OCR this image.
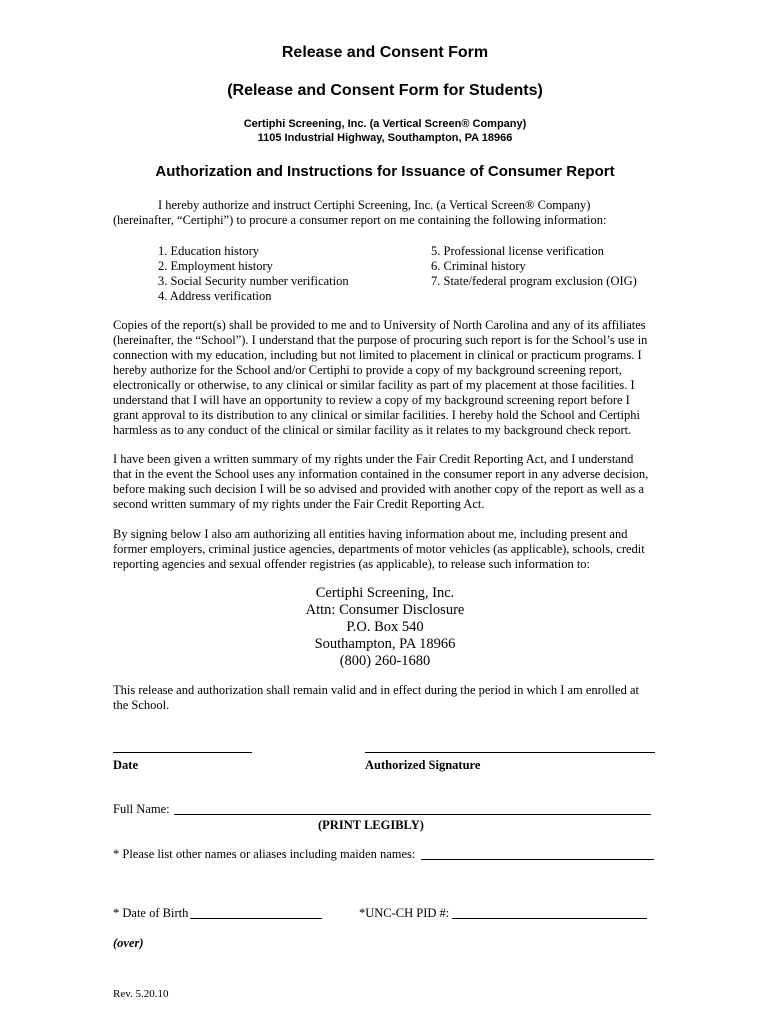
Release and Consent Form
(Release and Consent Form for Students)
Certiphi Screening, Inc. (a Vertical Screen® Company)
1105 Industrial Highway, Southampton, PA 18966
Authorization and Instructions for Issuance of Consumer Report
I hereby authorize and instruct Certiphi Screening, Inc. (a Vertical Screen® Company)
(hereinafter, “Certiphi”) to procure a consumer report on me containing the following information:
1. Education history
2. Employment history
3. Social Security number verification
4. Address verification
5. Professional license verification
6. Criminal history
7. State/federal program exclusion (OIG)
Copies of the report(s) shall be provided to me and to University of North Carolina and any of its affiliates
(hereinafter, the “School”). I understand that the purpose of procuring such report is for the School’s use in
connection with my education, including but not limited to placement in clinical or practicum programs. I
hereby authorize for the School and/or Certiphi to provide a copy of my background screening report,
electronically or otherwise, to any clinical or similar facility as part of my placement at those facilities. I
understand that I will have an opportunity to review a copy of my background screening report before I
grant approval to its distribution to any clinical or similar facilities. I hereby hold the School and Certiphi
harmless as to any conduct of the clinical or similar facility as it relates to my background check report.
I have been given a written summary of my rights under the Fair Credit Reporting Act, and I understand
that in the event the School uses any information contained in the consumer report in any adverse decision,
before making such decision I will be so advised and provided with another copy of the report as well as a
second written summary of my rights under the Fair Credit Reporting Act.
By signing below I also am authorizing all entities having information about me, including present and
former employers, criminal justice agencies, departments of motor vehicles (as applicable), schools, credit
reporting agencies and sexual offender registries (as applicable), to release such information to:
Certiphi Screening, Inc.
Attn: Consumer Disclosure
P.O. Box 540
Southampton, PA 18966
(800) 260-1680
This release and authorization shall remain valid and in effect during the period in which I am enrolled at
the School.
Date	Authorized Signature
Full Name:
(PRINT LEGIBLY)
* Please list other names or aliases including maiden names:
* Date of Birth	*UNC-CH PID #:
(over)
Rev. 5.20.10
